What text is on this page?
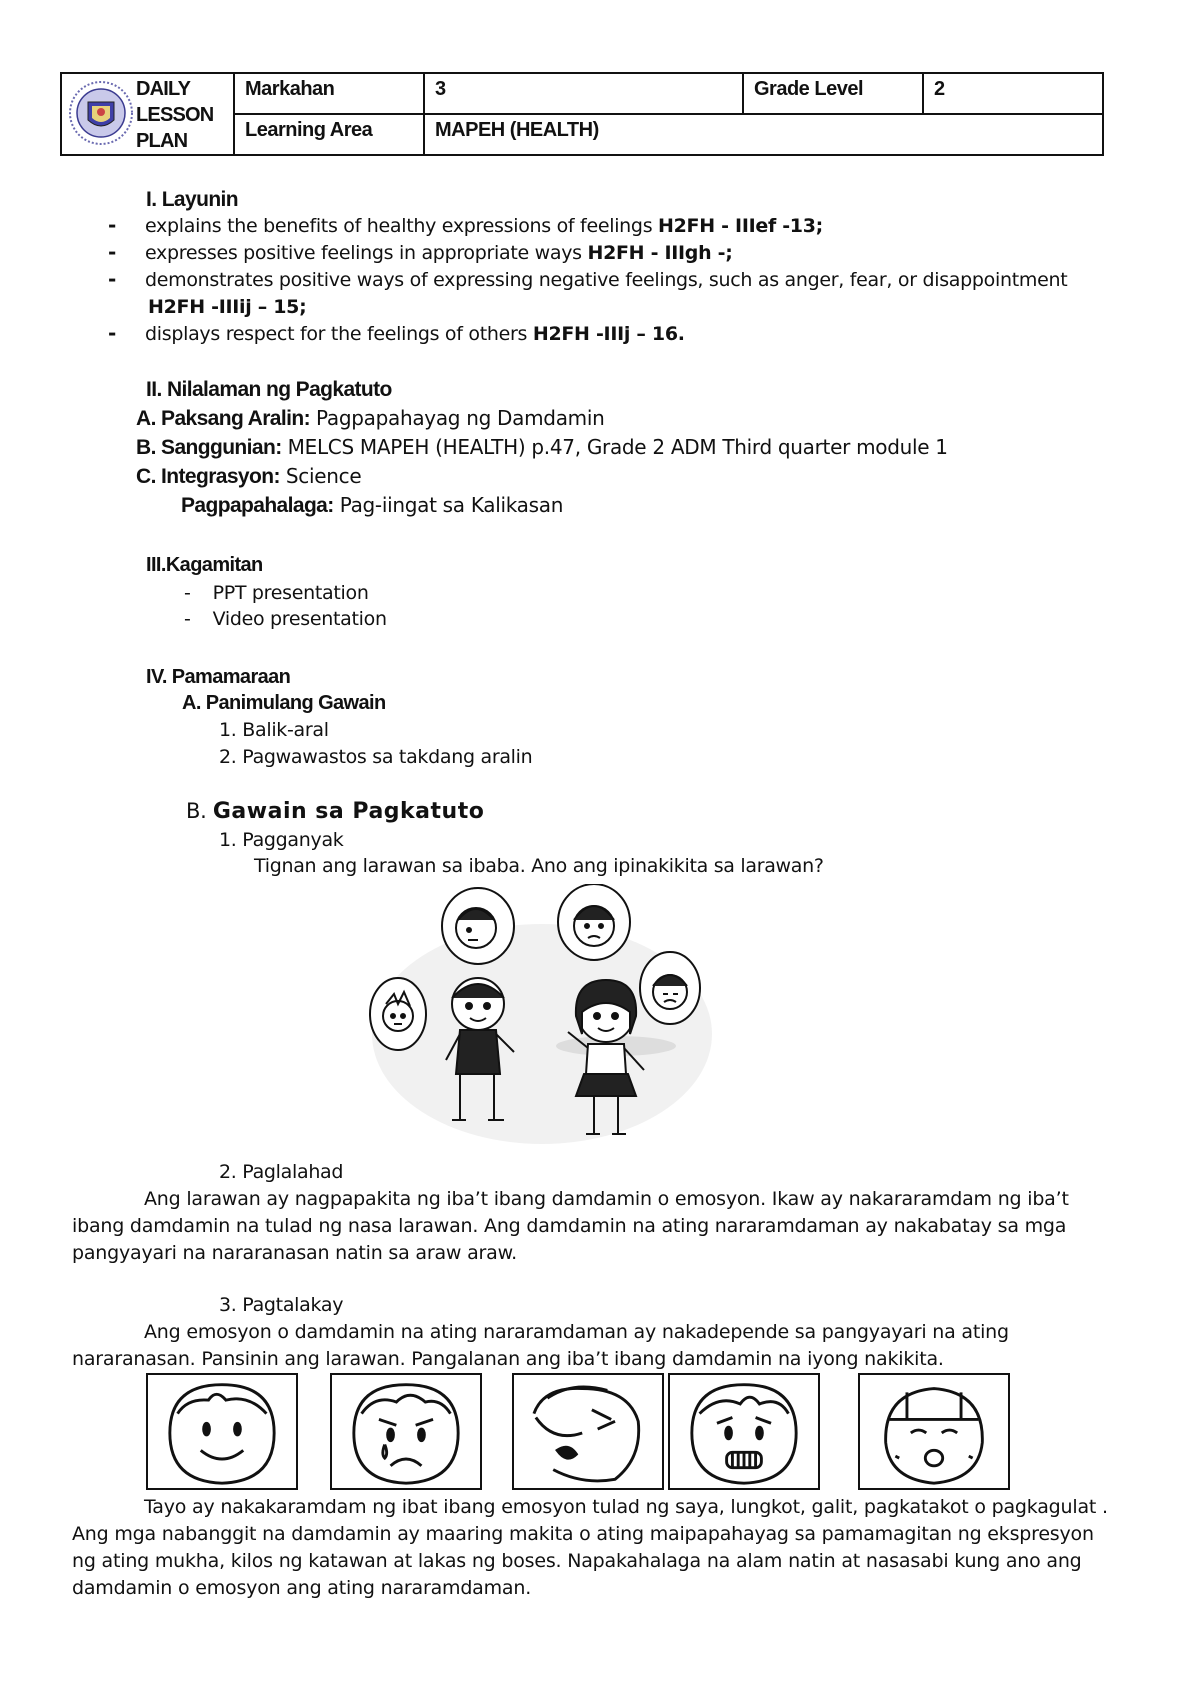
DAILY
LESSON
PLAN
Markahan	3	Grade Level	2
Learning Area	MAPEH (HEALTH)
I. Layunin
- explains the benefits of healthy expressions of feelings H2FH - IIIef -13;
- expresses positive feelings in appropriate ways H2FH - IIIgh -;
- demonstrates positive ways of expressing negative feelings, such as anger, fear, or disappointment
H2FH -IIIij – 15;
- displays respect for the feelings of others H2FH -IIIj – 16.
II. Nilalaman ng Pagkatuto
A. Paksang Aralin: Pagpapahayag ng Damdamin
B. Sanggunian: MELCS MAPEH (HEALTH) p.47, Grade 2 ADM Third quarter module 1
C. Integrasyon: Science
Pagpapahalaga: Pag-iingat sa Kalikasan
III.Kagamitan
- PPT presentation
- Video presentation
IV. Pamamaraan
A. Panimulang Gawain
1. Balik-aral
2. Pagwawastos sa takdang aralin
B. Gawain sa Pagkatuto
1. Pagganyak
Tignan ang larawan sa ibaba. Ano ang ipinakikita sa larawan?
2. Paglalahad
Ang larawan ay nagpapakita ng iba’t ibang damdamin o emosyon. Ikaw ay nakararamdam ng iba’t ibang damdamin na tulad ng nasa larawan. Ang damdamin na ating nararamdaman ay nakabatay sa mga pangyayari na nararanasan natin sa araw araw.
3. Pagtalakay
Ang emosyon o damdamin na ating nararamdaman ay nakadepende sa pangyayari na ating nararanasan. Pansinin ang larawan. Pangalanan ang iba’t ibang damdamin na iyong nakikita.
Tayo ay nakakaramdam ng ibat ibang emosyon tulad ng saya, lungkot, galit, pagkatakot o pagkagulat . Ang mga nabanggit na damdamin ay maaring makita o ating maipapahayag sa pamamagitan ng ekspresyon ng ating mukha, kilos ng katawan at lakas ng boses. Napakahalaga na alam natin at nasasabi kung ano ang damdamin o emosyon ang ating nararamdaman.
